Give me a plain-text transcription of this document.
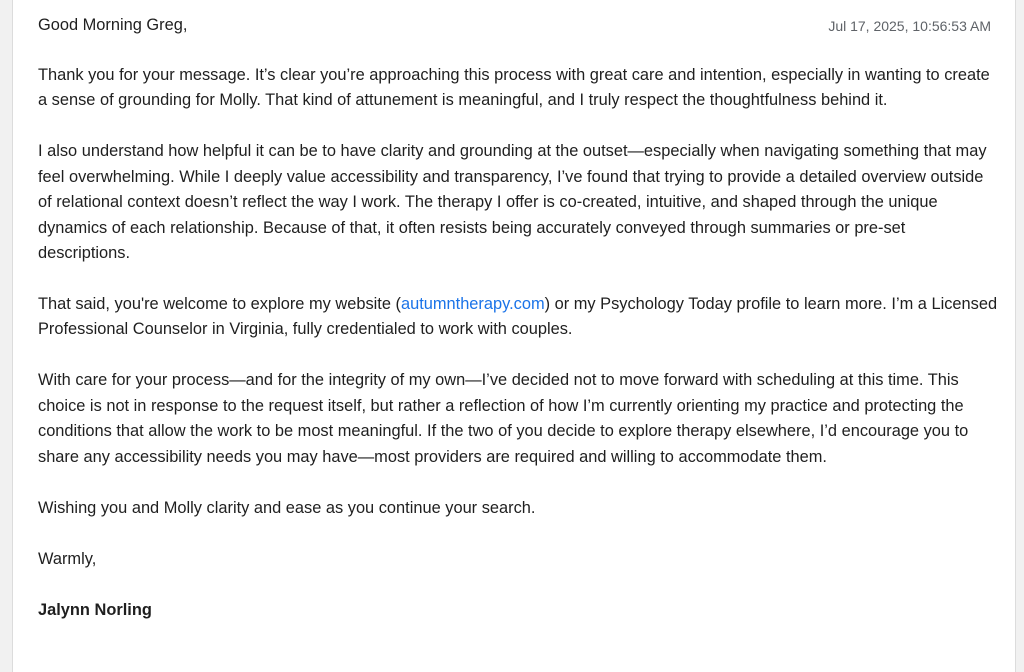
Good Morning Greg,	Jul 17, 2025, 10:56:53 AM

Thank you for your message. It’s clear you’re approaching this process with great care and intention, especially in wanting to create a sense of grounding for Molly. That kind of attunement is meaningful, and I truly respect the thoughtfulness behind it.

I also understand how helpful it can be to have clarity and grounding at the outset—especially when navigating something that may feel overwhelming. While I deeply value accessibility and transparency, I’ve found that trying to provide a detailed overview outside of relational context doesn’t reflect the way I work. The therapy I offer is co-created, intuitive, and shaped through the unique dynamics of each relationship. Because of that, it often resists being accurately conveyed through summaries or pre-set descriptions.

That said, you're welcome to explore my website (autumntherapy.com) or my Psychology Today profile to learn more. I’m a Licensed Professional Counselor in Virginia, fully credentialed to work with couples.

With care for your process—and for the integrity of my own—I’ve decided not to move forward with scheduling at this time. This choice is not in response to the request itself, but rather a reflection of how I’m currently orienting my practice and protecting the conditions that allow the work to be most meaningful. If the two of you decide to explore therapy elsewhere, I’d encourage you to share any accessibility needs you may have—most providers are required and willing to accommodate them.

Wishing you and Molly clarity and ease as you continue your search.

Warmly,

Jalynn Norling
